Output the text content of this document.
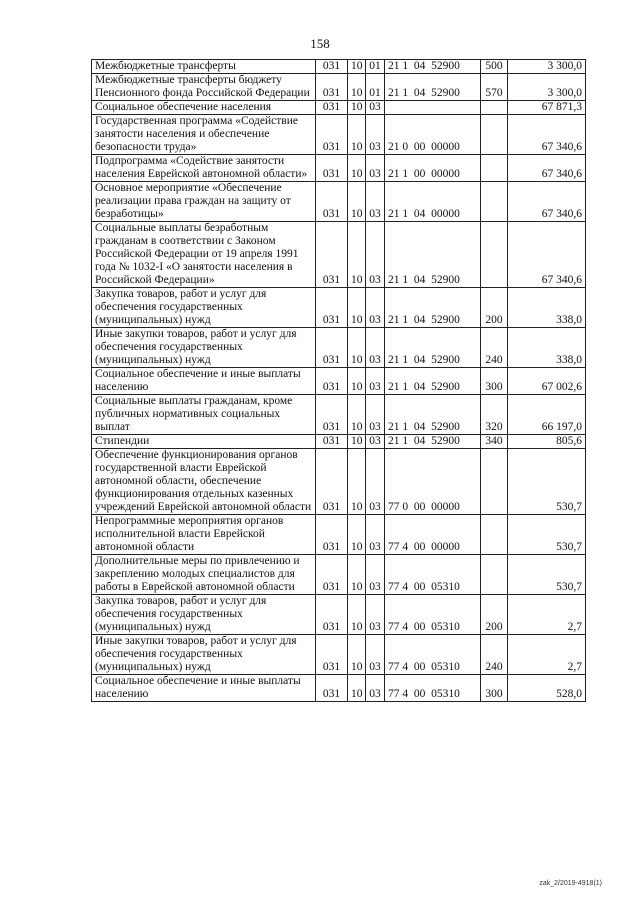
158
Межбюджетные трансферты	031	10	01	21 1  04  52900	500	3 300,0
Межбюджетные трансферты бюджету Пенсионного фонда Российской Федерации	031	10	01	21 1  04  52900	570	3 300,0
Социальное обеспечение населения	031	10	03			67 871,3
Государственная программа «Содействие занятости населения и обеспечение безопасности труда»	031	10	03	21 0  00  00000		67 340,6
Подпрограмма «Содействие занятости населения Еврейской автономной области»	031	10	03	21 1  00  00000		67 340,6
Основное мероприятие «Обеспечение реализации права граждан на защиту от безработицы»	031	10	03	21 1  04  00000		67 340,6
Социальные выплаты безработным гражданам в соответствии с Законом Российской Федерации от 19 апреля 1991 года № 1032-I «О занятости населения в Российской Федерации»	031	10	03	21 1  04  52900		67 340,6
Закупка товаров, работ и услуг для обеспечения государственных (муниципальных) нужд	031	10	03	21 1  04  52900	200	338,0
Иные закупки товаров, работ и услуг для обеспечения государственных (муниципальных) нужд	031	10	03	21 1  04  52900	240	338,0
Социальное обеспечение и иные выплаты населению	031	10	03	21 1  04  52900	300	67 002,6
Социальные выплаты гражданам, кроме публичных нормативных социальных выплат	031	10	03	21 1  04  52900	320	66 197,0
Стипендии	031	10	03	21 1  04  52900	340	805,6
Обеспечение функционирования органов государственной власти Еврейской автономной области, обеспечение функционирования отдельных казенных учреждений Еврейской автономной области	031	10	03	77 0  00  00000		530,7
Непрограммные мероприятия органов исполнительной власти Еврейской автономной области	031	10	03	77 4  00  00000		530,7
Дополнительные меры по привлечению и закреплению молодых специалистов для работы в Еврейской автономной области	031	10	03	77 4  00  05310		530,7
Закупка товаров, работ и услуг для обеспечения государственных (муниципальных) нужд	031	10	03	77 4  00  05310	200	2,7
Иные закупки товаров, работ и услуг для обеспечения государственных (муниципальных) нужд	031	10	03	77 4  00  05310	240	2,7
Социальное обеспечение и иные выплаты населению	031	10	03	77 4  00  05310	300	528,0
zak_2/2019-4918(1)
